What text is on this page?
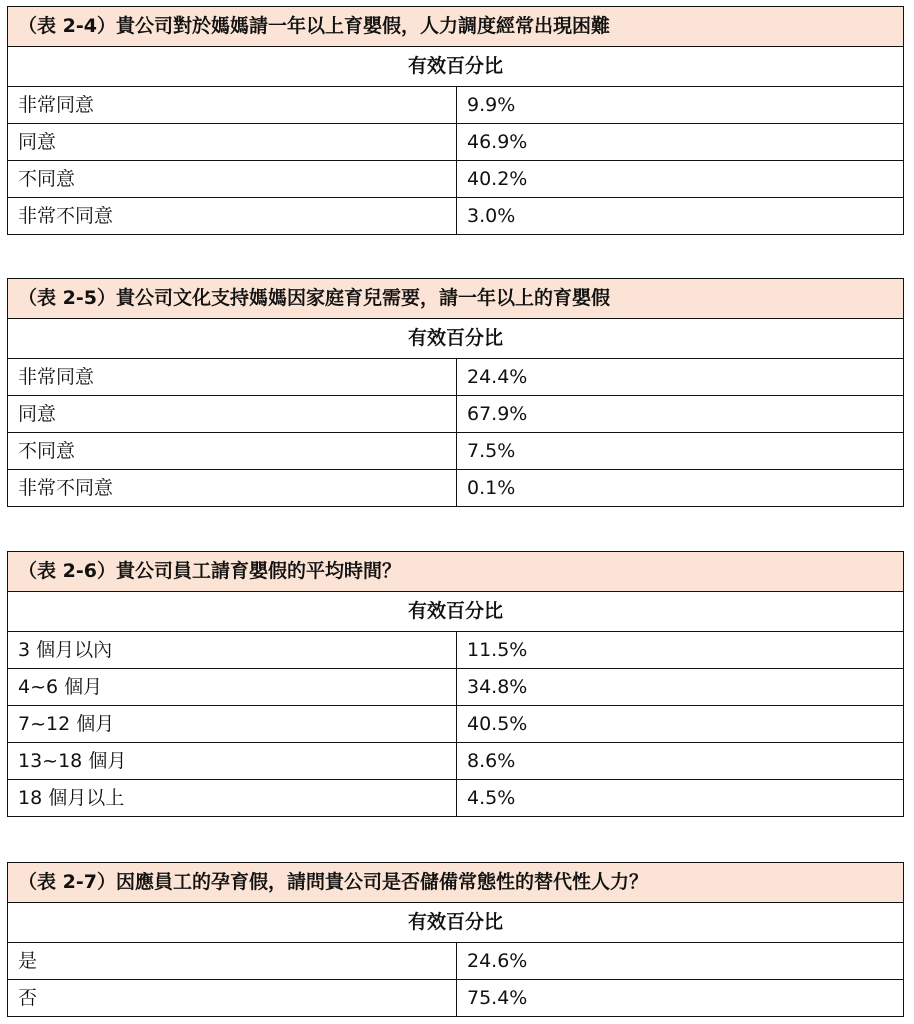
（表 2-4）貴公司對於媽媽請一年以上育嬰假，人力調度經常出現困難	
有效百分比	
非常同意	9.9%
同意	46.9%
不同意	40.2%
非常不同意	3.0%
（表 2-5）貴公司文化支持媽媽因家庭育兒需要，請一年以上的育嬰假	
有效百分比	
非常同意	24.4%
同意	67.9%
不同意	7.5%
非常不同意	0.1%
（表 2-6）貴公司員工請育嬰假的平均時間？	
有效百分比	
3 個月以內	11.5%
4~6 個月	34.8%
7~12 個月	40.5%
13~18 個月	8.6%
18 個月以上	4.5%
（表 2-7）因應員工的孕育假，請問貴公司是否儲備常態性的替代性人力？	
有效百分比	
是	24.6%
否	75.4%
